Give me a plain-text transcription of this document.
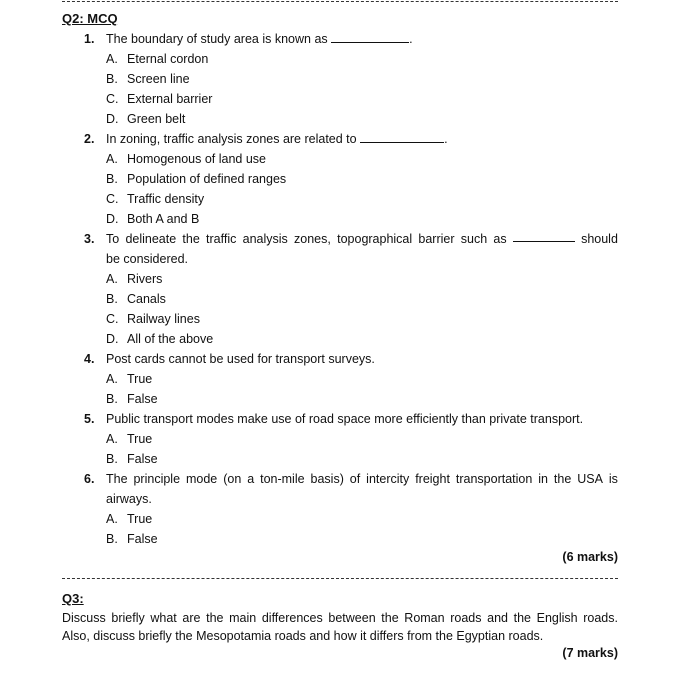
Q2: MCQ
1. The boundary of study area is known as	.
A. Eternal cordon
B. Screen line
C. External barrier
D. Green belt
2. In zoning, traffic analysis zones are related to	.
A. Homogenous of land use
B. Population of defined ranges
C. Traffic density
D. Both A and B
3. To delineate the traffic analysis zones, topographical barrier such as	should
be considered.
A. Rivers
B. Canals
C. Railway lines
D. All of the above
4. Post cards cannot be used for transport surveys.
A. True
B. False
5. Public transport modes make use of road space more efficiently than private transport.
A. True
B. False
6. The principle mode (on a ton-mile basis) of intercity freight transportation in the USA is
airways.
A. True
B. False
(6 marks)
Q3:
Discuss briefly what are the main differences between the Roman roads and the English roads. Also, discuss briefly the Mesopotamia roads and how it differs from the Egyptian roads.
(7 marks)
